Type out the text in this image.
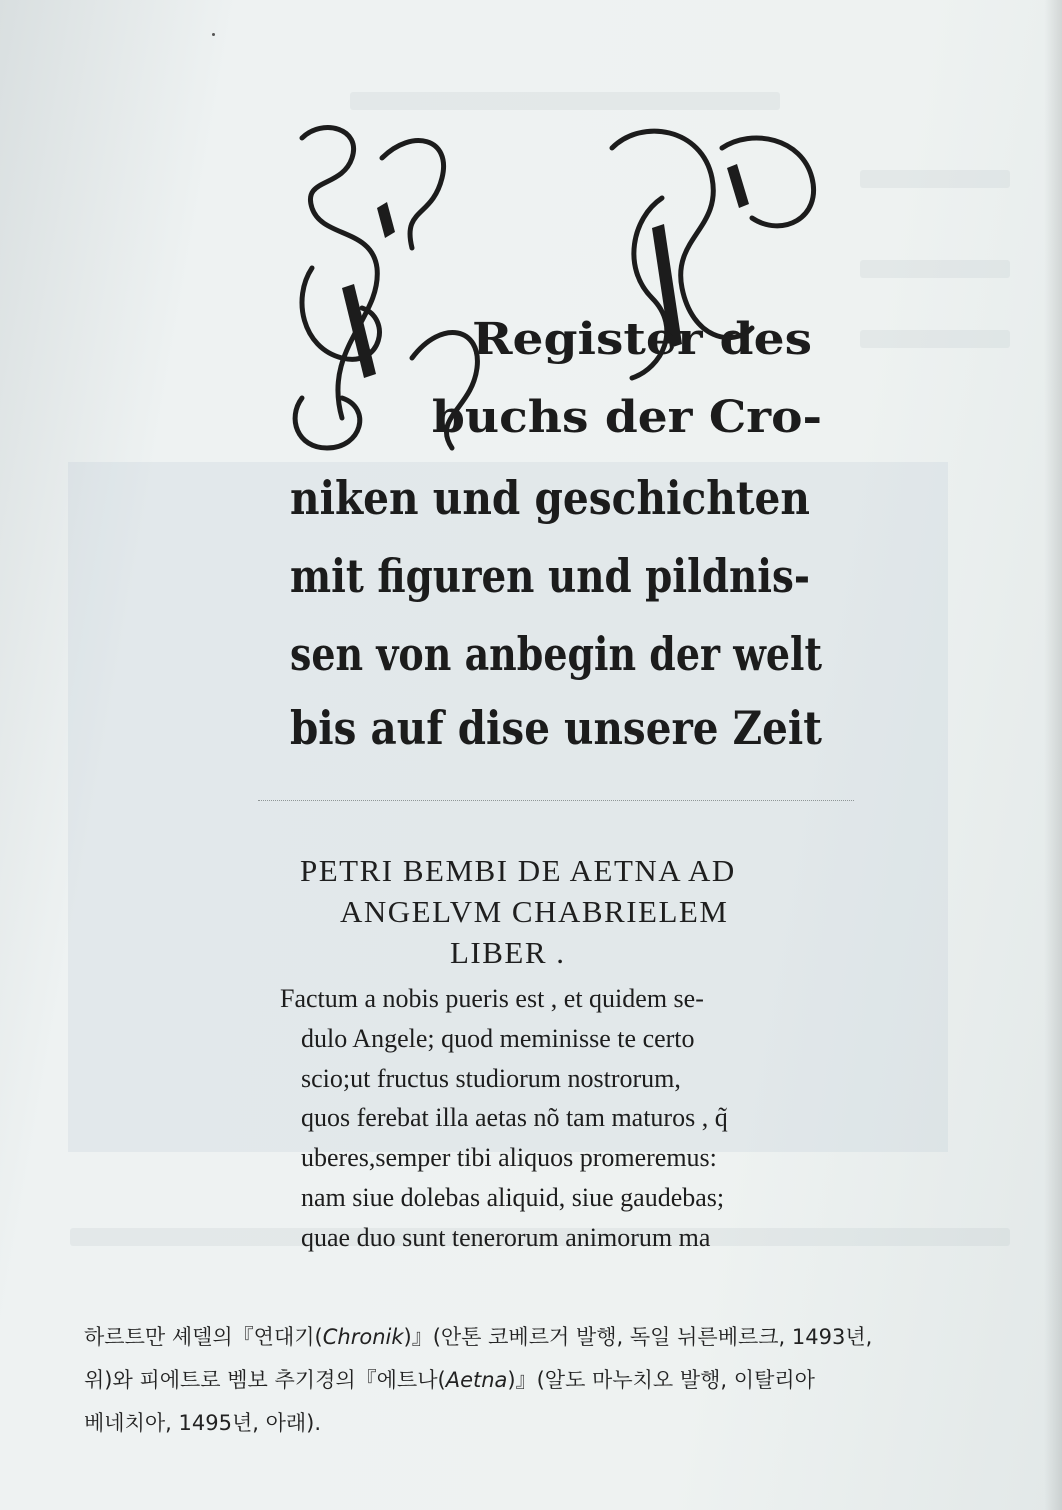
Register des
buchs der Cro-
niken und geschichten
mit figuren und pildnis-
sen von anbegin der welt
bis auf dise unsere Zeit
PETRI BEMBI DE AETNA AD
ANGELVM CHABRIELEM
LIBER .
Factum a nobis pueris est , et quidem se-
dulo Angele; quod meminisse te certo
scio;ut fructus studiorum nostrorum,
quos ferebat illa aetas nõ tam maturos , q̃
uberes,semper tibi aliquos promeremus:
nam siue dolebas aliquid, siue gaudebas;
quae duo sunt tenerorum animorum ma
하르트만 셰델의『연대기(Chronik)』(안톤 코베르거 발행, 독일 뉘른베르크, 1493년,
위)와 피에트로 벰보 추기경의『에트나(Aetna)』(알도 마누치오 발행, 이탈리아
베네치아, 1495년, 아래).
